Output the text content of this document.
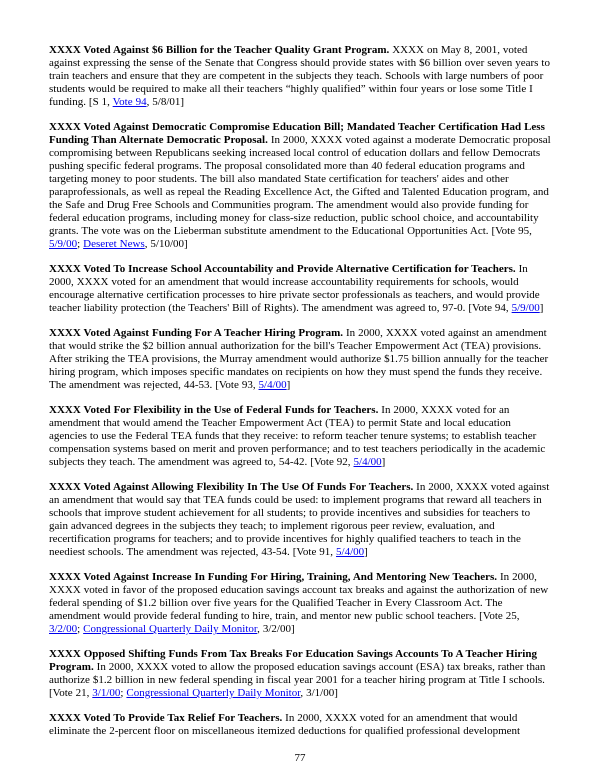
XXXX Voted Against $6 Billion for the Teacher Quality Grant Program. XXXX on May 8, 2001, voted against expressing the sense of the Senate that Congress should provide states with $6 billion over seven years to train teachers and ensure that they are competent in the subjects they teach. Schools with large numbers of poor students would be required to make all their teachers “highly qualified” within four years or lose some Title I funding. [S 1, Vote 94, 5/8/01]

XXXX Voted Against Democratic Compromise Education Bill; Mandated Teacher Certification Had Less Funding Than Alternate Democratic Proposal. In 2000, XXXX voted against a moderate Democratic proposal compromising between Republicans seeking increased local control of education dollars and fellow Democrats pushing specific federal programs. The proposal consolidated more than 40 federal education programs and targeting money to poor students. The bill also mandated State certification for teachers' aides and other paraprofessionals, as well as repeal the Reading Excellence Act, the Gifted and Talented Education program, and the Safe and Drug Free Schools and Communities program. The amendment would also provide funding for federal education programs, including money for class-size reduction, public school choice, and accountability grants. The vote was on the Lieberman substitute amendment to the Educational Opportunities Act. [Vote 95, 5/9/00; Deseret News, 5/10/00]

XXXX Voted To Increase School Accountability and Provide Alternative Certification for Teachers. In 2000, XXXX voted for an amendment that would increase accountability requirements for schools, would encourage alternative certification processes to hire private sector professionals as teachers, and would provide teacher liability protection (the Teachers' Bill of Rights). The amendment was agreed to, 97-0. [Vote 94, 5/9/00]

XXXX Voted Against Funding For A Teacher Hiring Program. In 2000, XXXX voted against an amendment that would strike the $2 billion annual authorization for the bill's Teacher Empowerment Act (TEA) provisions. After striking the TEA provisions, the Murray amendment would authorize $1.75 billion annually for the teacher hiring program, which imposes specific mandates on recipients on how they must spend the funds they receive. The amendment was rejected, 44-53. [Vote 93, 5/4/00]

XXXX Voted For Flexibility in the Use of Federal Funds for Teachers. In 2000, XXXX voted for an amendment that would amend the Teacher Empowerment Act (TEA) to permit State and local education agencies to use the Federal TEA funds that they receive: to reform teacher tenure systems; to establish teacher compensation systems based on merit and proven performance; and to test teachers periodically in the academic subjects they teach. The amendment was agreed to, 54-42. [Vote 92, 5/4/00]

XXXX Voted Against Allowing Flexibility In The Use Of Funds For Teachers. In 2000, XXXX voted against an amendment that would say that TEA funds could be used: to implement programs that reward all teachers in schools that improve student achievement for all students; to provide incentives and subsidies for teachers to gain advanced degrees in the subjects they teach; to implement rigorous peer review, evaluation, and recertification programs for teachers; and to provide incentives for highly qualified teachers to teach in the neediest schools. The amendment was rejected, 43-54. [Vote 91, 5/4/00]

XXXX Voted Against Increase In Funding For Hiring, Training, And Mentoring New Teachers. In 2000, XXXX voted in favor of the proposed education savings account tax breaks and against the authorization of new federal spending of $1.2 billion over five years for the Qualified Teacher in Every Classroom Act. The amendment would provide federal funding to hire, train, and mentor new public school teachers. [Vote 25, 3/2/00; Congressional Quarterly Daily Monitor, 3/2/00]

XXXX Opposed Shifting Funds From Tax Breaks For Education Savings Accounts To A Teacher Hiring Program. In 2000, XXXX voted to allow the proposed education savings account (ESA) tax breaks, rather than authorize $1.2 billion in new federal spending in fiscal year 2001 for a teacher hiring program at Title I schools. [Vote 21, 3/1/00; Congressional Quarterly Daily Monitor, 3/1/00]

XXXX Voted To Provide Tax Relief For Teachers. In 2000, XXXX voted for an amendment that would eliminate the 2-percent floor on miscellaneous itemized deductions for qualified professional development

77
